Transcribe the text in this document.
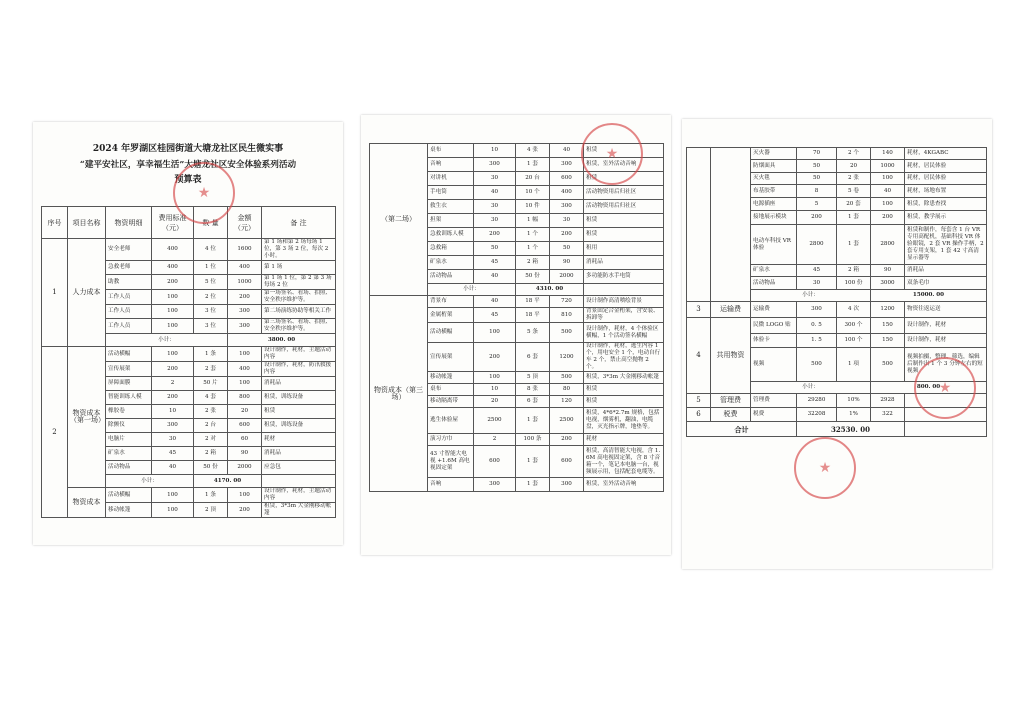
2024 年罗湖区桂园街道大塘龙社区民生微实事
“建平安社区，享幸福生活”大塘龙社区安全体验系列活动
预算表
序号	项目名称	物资明细	费用标准（元）	数 量	金额（元）	备 注	
1	人力成本	安全老师	400	4 位	1600	第 1 场和第 2 场每场 1 位，第 3 场 2 位，每次 2 小时。	
		急救老师	400	1 位	400	第 1 场	
		助教	200	5 位	1000	第 1 场 1 位，第 2 第 3 场每场 2 位	
		工作人员	100	2 位	200	第一场签名、看场、拍照、安全秩序维护等。	
		工作人员	100	3 位	300	第二场演练协助等相关工作	
		工作人员	100	3 位	300	第三场签名、看场、拍照、安全秩序维护等。	
		小计：			3800. 00		
2	物资成本（第一场）	活动横幅	100	1 条	100	设计制作，耗材，主题活动内容	
		宣传展架	200	2 套	400	设计制作，耗材，防汛救援内容	
		屏障面膜	2	50 片	100	消耗品	
		智能训练人模	200	4 套	800	租赁，训练设备	
		橡胶卷	10	2 张	20	租赁	
		除颤仪	300	2 台	600	租赁，训练设备	
		电脑片	30	2 对	60	耗材	
		矿泉水	45	2 箱	90	消耗品	
		活动物品	40	50 份	2000	应急包	
		小计：		4170. 00			
	物资成本	活动横幅	100	1 条	100	设计制作，耗材，主题活动内容	
		移动帐篷	100	2 顶	200	租赁，3*3m 大金刚移动帐篷	
★
（第二场）	桌布	10	4 张	40	租赁
	音响	300	1 套	300	租赁，室外活动音响
	对讲机	30	20 台	600	租赁
	手电筒	40	10 个	400	活动物资用后归社区
	救生衣	30	10 件	300	活动物资用后归社区
	担架	30	1 幅	30	租赁
	急救训练人模	200	1 个	200	租赁
	急救箱	50	1 个	50	租用
	矿泉水	45	2 箱	90	消耗品
	活动物品	40	50 份	2000	多功能防水手电筒
	小计：		4310. 00		
物资成本（第三场）	背景布	40	18 平	720	设计制作高清喷绘背景
	金属桁架	45	18 平	810	背景固定合金桁架，含安装、拆卸等
	活动横幅	100	5 条	500	设计制作，耗材，4 个体验区横幅，1 个活动签名横幅
	宣传展架	200	6 套	1200	设计制作，耗材，逃生内容 1 个，用电安全 1 个，电动自行车 2 个，禁止高空抛物 2 个。
	移动帐篷	100	5 顶	500	租赁，3*3m 大金刚移动帐篷
	桌布	10	8 张	80	租赁
	移动隔离带	20	6 套	120	租赁
	逃生体验屋	2500	1 套	2500	租赁，4*6*2.7m 规格，包括电视，烟雾机，翻油，电缆盘，灭光指示牌，地垫等。
	演习方巾	2	100 条	200	耗材
	43 寸智能大电视 +1.6M 高电视固定架	600	1 套	600	租赁，高清智能大电视，含 1.6M 高电视固定架，含 8 寸音箱一个，笔记本电脑一台，视频展示用，包括配套电缆等。
	音响	300	1 套	300	租赁，室外活动音响
★
		灭火器	70	2 个	140	耗材，4KGABC	
		防烟面具	50	20	1000	耗材，居民体验	
		灭火毯	50	2 张	100	耗材，居民体验	
		布基胶带	8	5 卷	40	耗材，场地布置	
		电源插座	5	20 套	100	租赁，除患查找	
		接地展示模块	200	1 套	200	租赁，教学展示	
		电动车科技 VR 体验	2800	1 套	2800	租赁和制作，每套含 1 台 VR 专用高配机，基础科技 VR 体验眼镜，2 套 VR 操作手柄，2 套专用支架，1 套 42 寸高清显示器等	
		矿泉水	45	2 箱	90	消耗品	
		活动物品	30	100 份	3000	双条毛巾	
		小计：			15000. 00		
3	运输费	运输费	300	4 次	1200	物资往返运送	
4	共用物资	民微 LOGO 贴	0. 5	300 个	150	设计制作，耗材	
		体验卡	1. 5	100 个	150	设计制作，耗材	
		视频	500	1 项	500	视频拍摄，整理、筛选，编辑后制作出 1 个 3 分钟左右的短视频	
		小计：			800. 00		
5	管理费	管理费	29280	10%	2928		
6	税费	税费	32208	1%	322		
合计			32530. 00				
★
★
